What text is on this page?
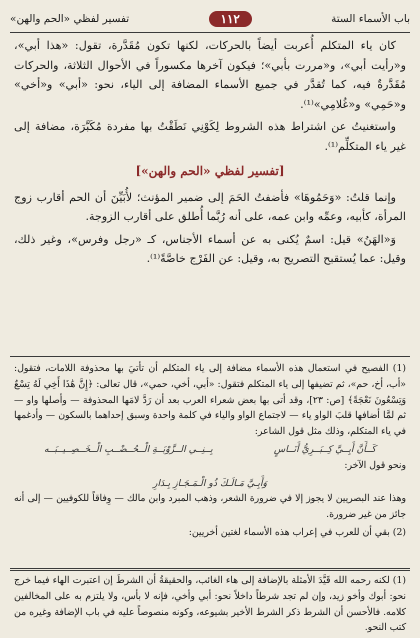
باب الأسماء الستة
١١٢
تفسير لفظي «الحم والهن»

كان ياء المتكلم أُعربت أيضاً بالحركات، لكنها تكون مُقَدَّرة، تقول: «هذا أبي»، و«رأيت أبي»، و«مررت بأبي»؛ فيكون آخرها مكسوراً في الأحوال الثلاثة، والحركات مُقَدَّرةٌ فيه، كما تُقدَّر في جميع الأسماء المضافة إلى الياء، نحو: «أبي» و«أخي» و«حَمِي» و«غُلامِي»⁽¹⁾.

واستغنيتُ عن اشتراط هذه الشروط لِكَوْنِي نَطَقْتُ بها مفردة مُكَبَّرَة، مضافة إلى غير ياء المتكلِّم⁽¹⁾.

[تفسير لفظي «الحم والهن»]

وإنما قلتُ: «وَحَمُوهَا» فأضفتُ الحَمَ إلى ضمير المؤنث؛ لأُبَيِّنَ أن الحم أقارب زوج المرأة، كأبيه، وعمِّه وابن عمه، على أنه رُبَّما أُطلق على أقارب الزوجة.

وَ«الهَنُ» قيل: اسمٌ يُكنى به عن أسماء الأجناس، كـ «رجل وفرس»، وغير ذلك، وقيل: عما يُستقبح التصريح به، وقيل: عن الفَرْج خاصَّةً⁽¹⁾.

(1) الفصيح في استعمال هذه الأسماء مضافة إلى ياء المتكلم أن تأتيَ بها محذوفة اللامات، فتقول: «أب، أخ، حم»، ثم تضيفها إلى ياء المتكلم فتقول: «أبي، أخي، حمي»، قال تعالى: ﴿إِنَّ هَٰذَا أَخِي لَهُ تِسْعٌ وَتِسْعُونَ نَعْجَةً﴾ [ص: ٢٣]، وقد أتى بها بعض شعراء العرب بعد أن رَدَّ لامَها المحذوفة — وأصلها واو — ثم لمَّا أضافها قلبَ الواو ياء — لاجتماع الواو والياء في كلمة واحدة وسبق إحداهما بالسكون — وأدغمها في ياء المتكلم، وذلك مثل قول الشاعر:

كَــأَنَّ أَبِــيَّ كِــبَــرِيُّ أَنَــاسٍ
بِــنِــي الــزَّوْبَــةِ الْــحُــضْــبِ الْــخَــصِــيــبَــه

ونحو قول الآخر:

وَأَبِـيَّ مَـالَـكَ ذُو الْـمَـجَـازِ بِـدَارِ

وهذا عند البصريين لا يجوز إلا في ضرورة الشعر، وذهب المبرد وابن مالك — وِفاقاً للكوفيين — إلى أنه جائز من غير ضرورة.

(2) بقي أن للعرب في إعراب هذه الأسماء لغتين أخريين:

(1) لكنه رحمه الله قَيَّدَ الأمثلة بالإضافة إلى هاء الغائب، والحقيقةُ أن الشرطَ إن اعتبرت الهاء فيما خرج نحو: أبوك وأخو زيد، وإن لم تجد شرطاً داخلاً نحو: أبي وأخي، فإنه لا بأس، ولا يلتزم به على المخالفين كلامه. فالأحسن أن الشرط ذكر الشرط الأخير بشيوعه، وكونه منصوصاً عليه في باب الإضافة وغيره من كتب النحو.
